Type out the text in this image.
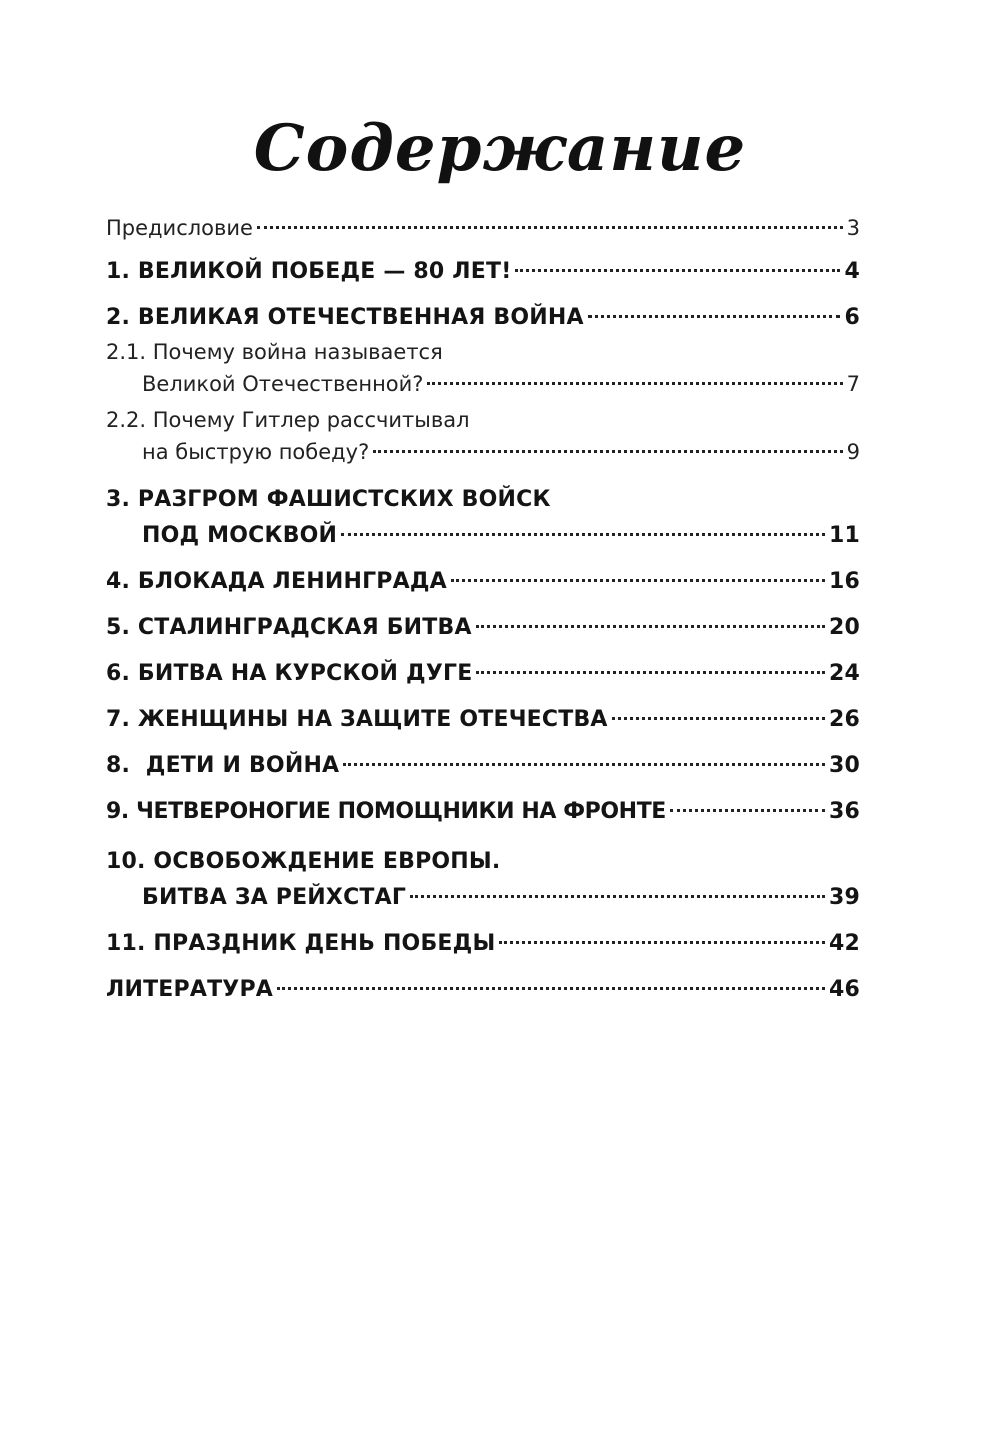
Содержание
Предисловие	3
1. ВЕЛИКОЙ ПОБЕДЕ — 80 ЛЕТ!	4
2. ВЕЛИКАЯ ОТЕЧЕСТВЕННАЯ ВОЙНА	6
2.1. Почему война называется
Великой Отечественной?	7
2.2. Почему Гитлер рассчитывал
на быструю победу?	9
3. РАЗГРОМ ФАШИСТСКИХ ВОЙСК
ПОД МОСКВОЙ	11
4. БЛОКАДА ЛЕНИНГРАДА	16
5. СТАЛИНГРАДСКАЯ БИТВА	20
6. БИТВА НА КУРСКОЙ ДУГЕ	24
7. ЖЕНЩИНЫ НА ЗАЩИТЕ ОТЕЧЕСТВА	26
8.  ДЕТИ И ВОЙНА	30
9. ЧЕТВЕРОНОГИЕ ПОМОЩНИКИ НА ФРОНТЕ	36
10. ОСВОБОЖДЕНИЕ ЕВРОПЫ.
БИТВА ЗА РЕЙХСТАГ	39
11. ПРАЗДНИК ДЕНЬ ПОБЕДЫ	42
ЛИТЕРАТУРА	46
